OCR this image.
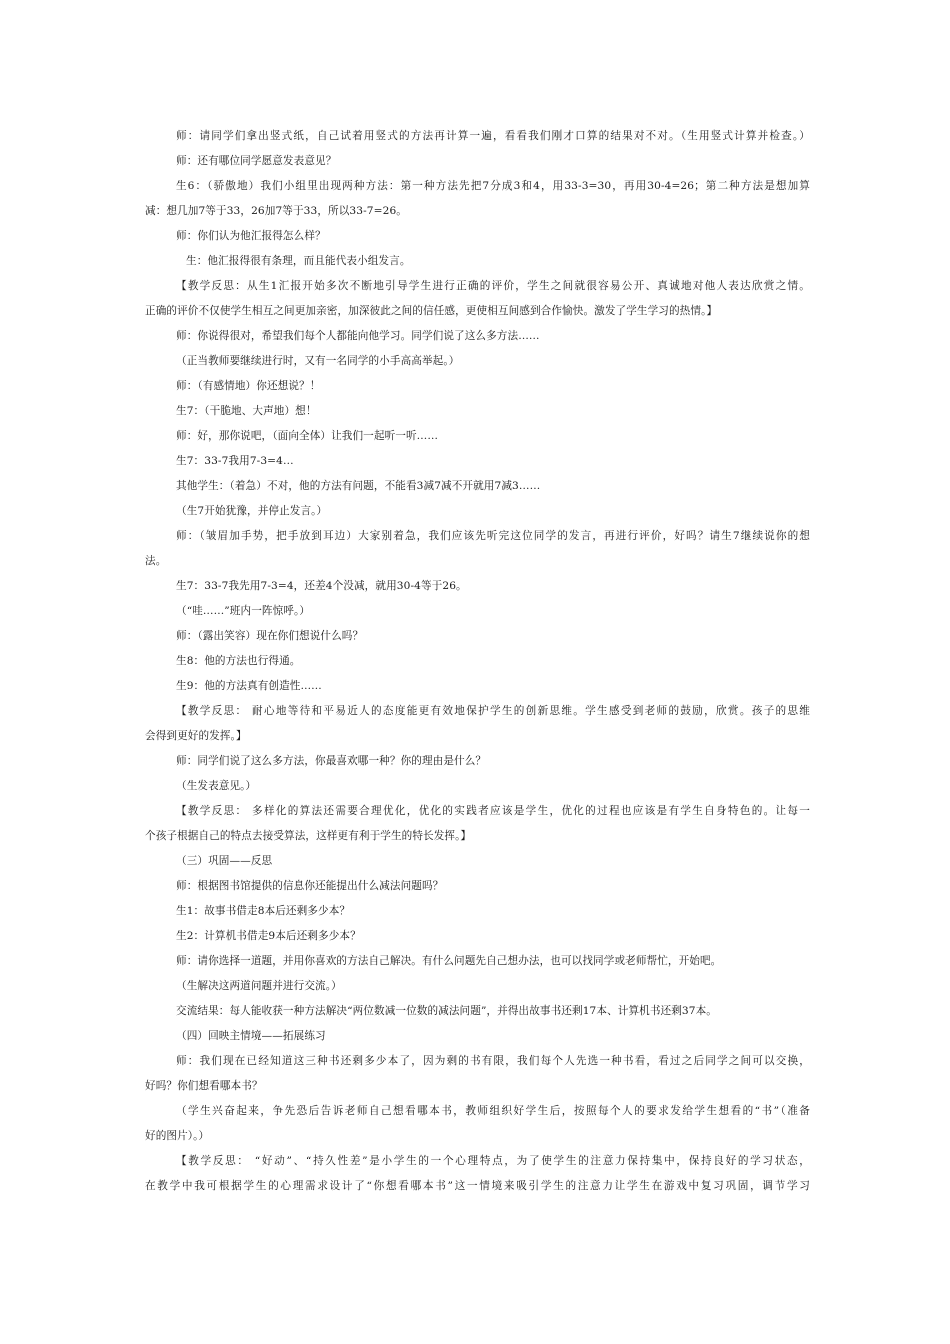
师：请同学们拿出竖式纸，自己试着用竖式的方法再计算一遍，看看我们刚才口算的结果对不对。（生用竖式计算并检查。）
师：还有哪位同学愿意发表意见？
生6：（骄傲地）我们小组里出现两种方法：第一种方法先把7分成3和4，用33-3=30，再用30-4=26；第二种方法是想加算
减：想几加7等于33，26加7等于33，所以33-7=26。
师：你们认为他汇报得怎么样？
生：他汇报得很有条理，而且能代表小组发言。
【教学反思：从生1汇报开始多次不断地引导学生进行正确的评价，学生之间就很容易公开、真诚地对他人表达欣赏之情。
正确的评价不仅使学生相互之间更加亲密，加深彼此之间的信任感，更使相互间感到合作愉快。激发了学生学习的热情。】
师：你说得很对，希望我们每个人都能向他学习。同学们说了这么多方法……
（正当教师要继续进行时，又有一名同学的小手高高举起。）
师：（有感情地）你还想说？！
生7：（干脆地、大声地）想！
师：好，那你说吧，（面向全体）让我们一起听一听……
生7：33-7我用7-3=4…
其他学生：（着急）不对，他的方法有问题，不能看3减7减不开就用7减3……
（生7开始犹豫，并停止发言。）
师：（皱眉加手势，把手放到耳边）大家别着急，我们应该先听完这位同学的发言，再进行评价，好吗？请生7继续说你的想
法。
生7：33-7我先用7-3=4，还差4个没减，就用30-4等于26。
（“哇……”班内一阵惊呼。）
师：（露出笑容）现在你们想说什么吗？
生8：他的方法也行得通。
生9：他的方法真有创造性……
【教学反思： 耐心地等待和平易近人的态度能更有效地保护学生的创新思维。学生感受到老师的鼓励，欣赏。孩子的思维
会得到更好的发挥。】
师：同学们说了这么多方法，你最喜欢哪一种？你的理由是什么？
（生发表意见。）
【教学反思： 多样化的算法还需要合理优化，优化的实践者应该是学生，优化的过程也应该是有学生自身特色的。让每一
个孩子根据自己的特点去接受算法，这样更有利于学生的特长发挥。】
（三）巩固——反思
师：根据图书馆提供的信息你还能提出什么减法问题吗？
生1：故事书借走8本后还剩多少本？
生2：计算机书借走9本后还剩多少本？
师：请你选择一道题，并用你喜欢的方法自己解决。有什么问题先自己想办法，也可以找同学或老师帮忙，开始吧。
（生解决这两道问题并进行交流。）
交流结果：每人能收获一种方法解决“两位数减一位数的减法问题”，并得出故事书还剩17本、计算机书还剩37本。
（四）回映主情境——拓展练习
师：我们现在已经知道这三种书还剩多少本了，因为剩的书有限，我们每个人先选一种书看，看过之后同学之间可以交换，
好吗？你们想看哪本书？
（学生兴奋起来，争先恐后告诉老师自己想看哪本书，教师组织好学生后，按照每个人的要求发给学生想看的“书”（准备
好的图片）。）
【教学反思： “好动”、“持久性差”是小学生的一个心理特点，为了使学生的注意力保持集中，保持良好的学习状态，
在教学中我可根据学生的心理需求设计了“你想看哪本书”这一情境来吸引学生的注意力让学生在游戏中复习巩固，调节学习
